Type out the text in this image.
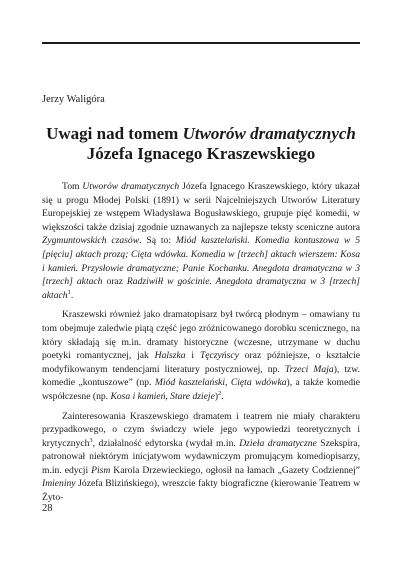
Jerzy Waligóra
Uwagi nad tomem Utworów dramatycznych
Józefa Ignacego Kraszewskiego

Tom Utworów dramatycznych Józefa Ignacego Kraszewskiego, który ukazał się u progu Młodej Polski (1891) w serii Najcelniejszych Utworów Literatury Europejskiej ze wstępem Władysława Bogusławskiego, grupuje pięć komedii, w większości także dzisiaj zgodnie uznawanych za najlepsze teksty sceniczne autora Zygmuntowskich czasów. Są to: Miód kasztelański. Komedia kontuszowa w 5 [pięciu] aktach prozą; Cięta wdówka. Komedia w [trzech] aktach wierszem: Kosa i kamień. Przysłowie dramatyczne; Panie Kochanku. Anegdota dramatyczna w 3 [trzech] aktach oraz Radziwiłł w gościnie. Anegdota dramatyczna w 3 [trzech] aktach$^1$.

Kraszewski również jako dramatopisarz był twórcą płodnym – omawiany tu tom obejmuje zaledwie piątą część jego zróżnicowanego dorobku scenicznego, na który składają się m.in. dramaty historyczne (wczesne, utrzymane w duchu poetyki romantycznej, jak Halszka i Tęczyńscy oraz późniejsze, o kształcie modyfikowanym tendencjami literatury postyczniowej, np. Trzeci Maja), tzw. komedie „kontuszowe” (np. Miód kasztelański, Cięta wdówka), a także komedie współczesne (np. Kosa i kamień, Stare dzieje)$^2$.

Zainteresowania Kraszewskiego dramatem i teatrem nie miały charakteru przypadkowego, o czym świadczy wiele jego wypowiedzi teoretycznych i krytycznych$^3$, działalność edytorska (wydał m.in. Dzieła dramatyczne Szekspira, patronował niektórym inicjatywom wydawniczym promującym komediopisarzy, m.in. edycji Pism Karola Drzewieckiego, ogłosił na łamach „Gazety Codziennej” Imieniny Józefa Blizińskiego), wreszcie fakty biograficzne (kierowanie Teatrem w Żyto-

28
